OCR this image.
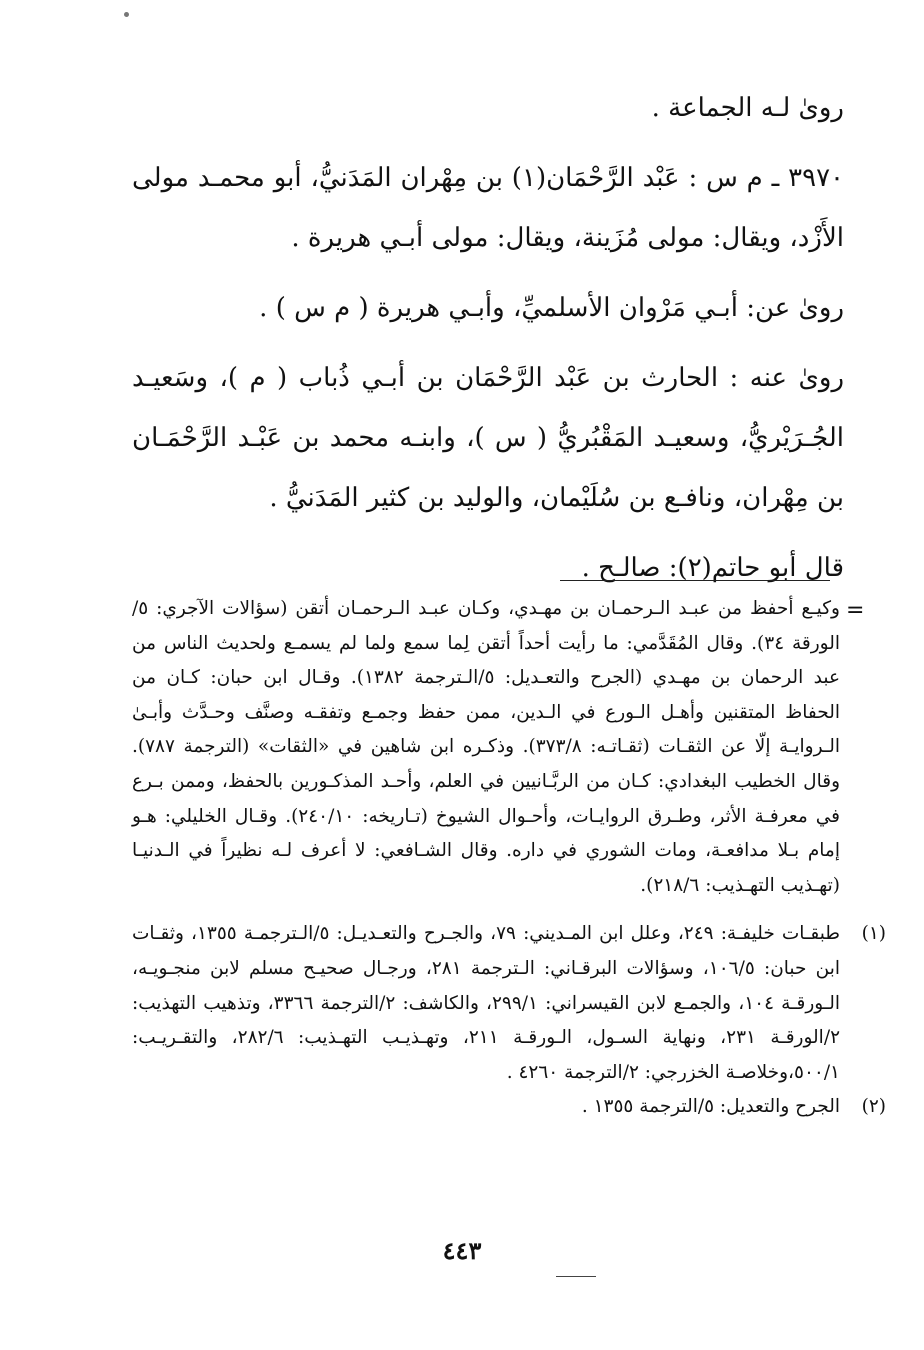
رویٰ لـه الجماعة .

٣٩٧٠ ـ م س : عَبْد الرَّحْمَان(١) بن مِهْران المَدَنيُّ، أبو محمـد مولى الأَزْد، ويقال: مولى مُزَينة، ويقال: مولى أبـي هريرة .

رویٰ عن: أبـي مَرْوان الأسلميِّ، وأبـي هريرة ( م س ) .

رویٰ عنه : الحارث بن عَبْد الرَّحْمَان بن أبـي ذُباب ( م )، وسَعيـد الجُـرَيْريُّ، وسعيـد المَقْبُريُّ ( س )، وابنـه محمد بن عَبْـد الرَّحْمَـان بن مِهْران، ونافـع بن سُلَيْمان، والوليد بن كثير المَدَنيُّ .

قال أبو حاتم(٢): صالـح .

=

وكيـع أحفظ من عبـد الـرحمـان بن مهـدي، وكـان عبـد الـرحمـان أتقن (سؤالات الآجري: ٥/الورقة ٣٤). وقال المُقَدَّمي: ما رأيت أحداً أتقن لِما سمع ولما لم يسمـع ولحديث الناس من عبد الرحمان بن مهـدي (الجرح والتعـديل: ٥/الـترجمة ١٣٨٢). وقـال ابن حبان: كـان من الحفاظ المتقنين وأهـل الـورع في الـدين، ممن حفظ وجمـع وتفقـه وصنَّف وحـدَّث وأبـیٰ الـروايـة إلّا عن الثقـات (ثقـاتـه: ٣٧٣/٨). وذكـره ابن شاهين في «الثقات» (الترجمة ٧٨٧). وقال الخطيب البغدادي: كـان من الربَّـانيين في العلم، وأحـد المذكـورين بالحفظ، وممن بـرع في معرفـة الأثر، وطـرق الروايـات، وأحـوال الشيوخ (تـاريخه: ٢٤٠/١٠). وقـال الخليلي: هـو إمام بـلا مدافعـة، ومات الشوري في داره. وقال الشـافعي: لا أعرف لـه نظيراً في الـدنيـا (تهـذيب التهـذيب: ٢١٨/٦).

(١)
طبقـات خليفـة: ٢٤٩، وعلل ابن المـديني: ٧٩، والجـرح والتعـديـل: ٥/الـترجمـة ١٣٥٥، وثقـات ابن حبان: ١٠٦/٥، وسؤالات البرقـاني: الـترجمة ٢٨١، ورجـال صحيـح مسلم لابن منجـويـه، الـورقـة ١٠٤، والجمـع لابن القيسراني: ٢٩٩/١، والكاشف: ٢/الترجمة ٣٣٦٦، وتذهيب التهذيب: ٢/الورقـة ٢٣١، ونهاية السـول، الـورقـة ٢١١، وتهـذيـب التهـذيب: ٢٨٢/٦، والتقـريـب: ٥٠٠/١،وخلاصـة الخزرجي: ٢/الترجمة ٤٢٦٠ .
(٢)
الجرح والتعديل: ٥/الترجمة ١٣٥٥ .
٤٤٣
